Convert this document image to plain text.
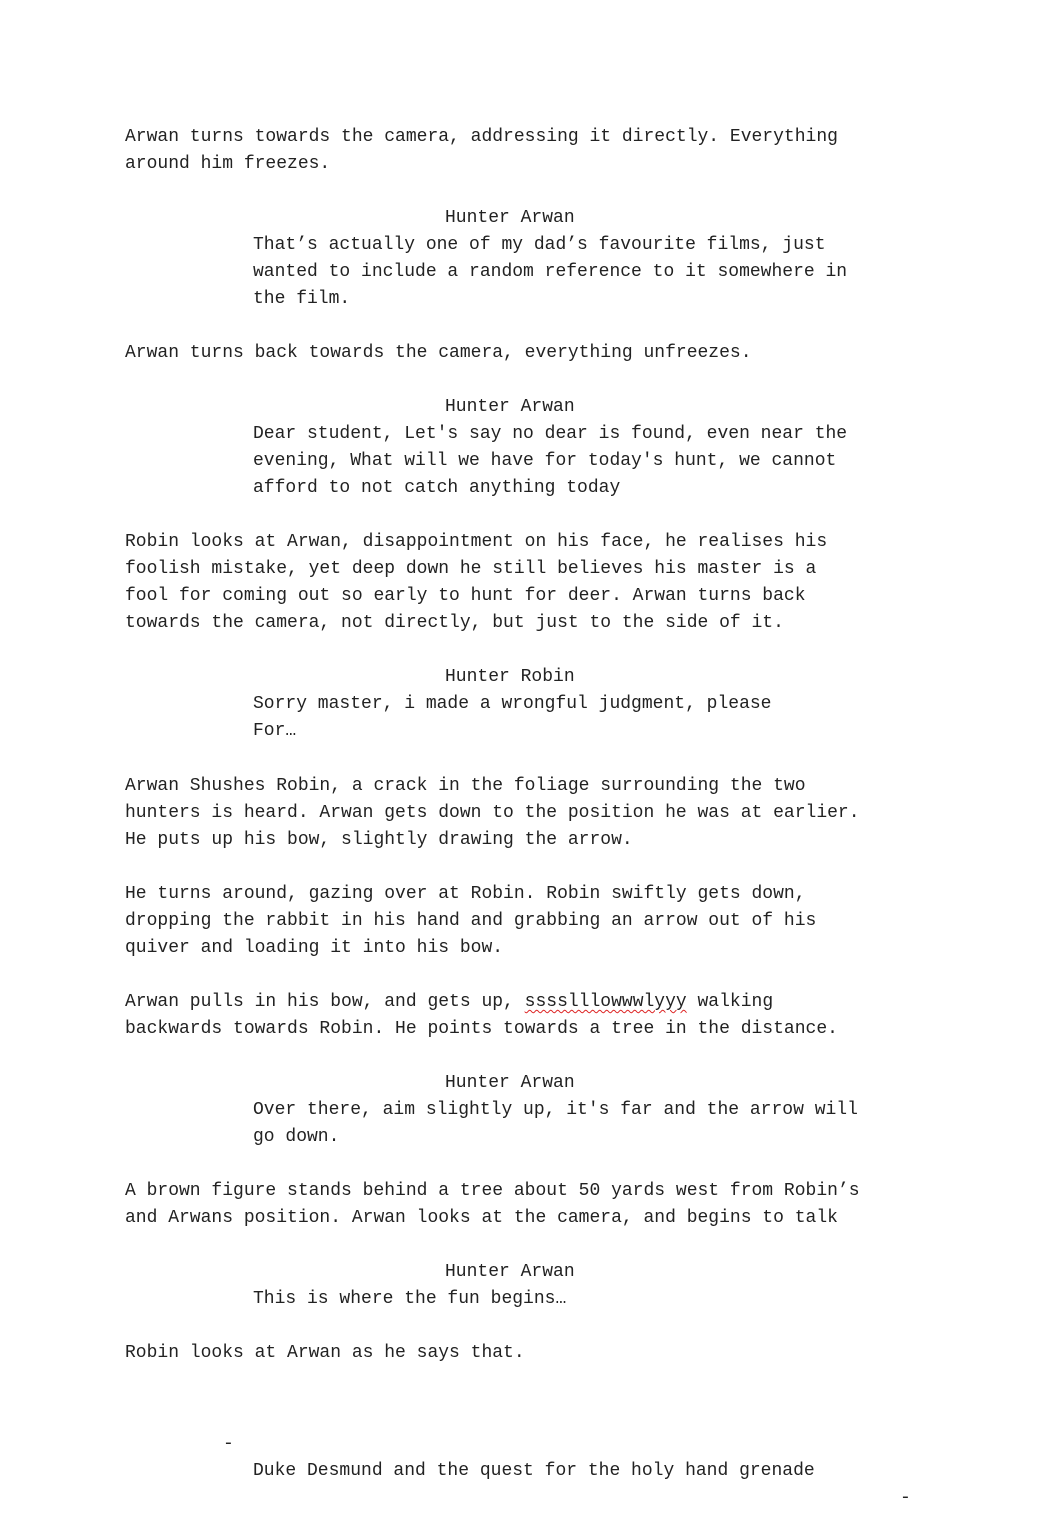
Arwan turns towards the camera, addressing it directly. Everything
around him freezes.
Hunter Arwan
That’s actually one of my dad’s favourite films, just
wanted to include a random reference to it somewhere in
the film.
Arwan turns back towards the camera, everything unfreezes.
Hunter Arwan
Dear student, Let's say no dear is found, even near the
evening, What will we have for today's hunt, we cannot
afford to not catch anything today
Robin looks at Arwan, disappointment on his face, he realises his
foolish mistake, yet deep down he still believes his master is a
fool for coming out so early to hunt for deer. Arwan turns back
towards the camera, not directly, but just to the side of it.
Hunter Robin
Sorry master, i made a wrongful judgment, please
For…
Arwan Shushes Robin, a crack in the foliage surrounding the two
hunters is heard. Arwan gets down to the position he was at earlier.
He puts up his bow, slightly drawing the arrow.
He turns around, gazing over at Robin. Robin swiftly gets down,
dropping the rabbit in his hand and grabbing an arrow out of his
quiver and loading it into his bow.
Arwan pulls in his bow, and gets up, sssslllowwwlyyy walking
backwards towards Robin. He points towards a tree in the distance.
Hunter Arwan
Over there, aim slightly up, it's far and the arrow will
go down.
A brown figure stands behind a tree about 50 yards west from Robin’s
and Arwans position. Arwan looks at the camera, and begins to talk
Hunter Arwan
This is where the fun begins…
Robin looks at Arwan as he says that.

-

Duke Desmund and the quest for the holy hand grenade

-
